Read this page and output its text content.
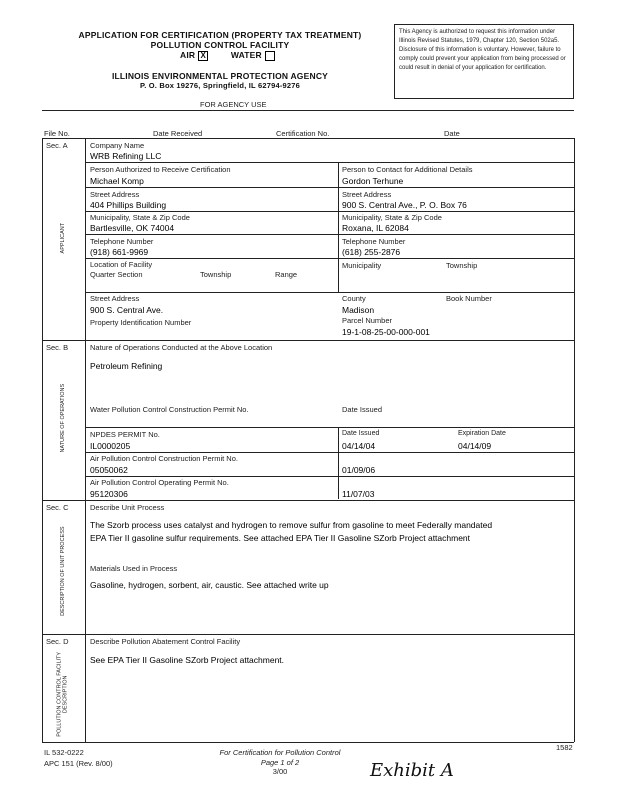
APPLICATION FOR CERTIFICATION (PROPERTY TAX TREATMENT)
POLLUTION CONTROL FACILITY
AIR X	WATER
ILLINOIS ENVIRONMENTAL PROTECTION AGENCY
P. O. Box 19276, Springfield, IL 62794-9276
This Agency is authorized to request this information under Illinois Revised Statutes, 1979, Chapter 120, Section 502a5. Disclosure of this information is voluntary. However, failure to comply could prevent your application from being processed or could result in denial of your application for certification.
FOR AGENCY USE
File No.	Date Received	Certification No.	Date
Sec. A
APPLICANT
Company Name
WRB Refining LLC
Person Authorized to Receive Certification
Michael Komp
Person to Contact for Additional Details
Gordon Terhune
Street Address
404 Phillips Building
Street Address
900 S. Central Ave., P. O. Box 76
Municipality, State & Zip Code
Bartlesville, OK 74004
Municipality, State & Zip Code
Roxana, IL 62084
Telephone Number
(918) 661-9969
Telephone Number
(618) 255-2876
Location of Facility
Quarter Section	Township	Range
Municipality	Township
Street Address
900 S. Central Ave.
Property Identification Number
County
Madison
Book Number
Parcel Number
19-1-08-25-00-000-001
Sec. B
NATURE OF OPERATIONS
Nature of Operations Conducted at the Above Location
Petroleum Refining
Water Pollution Control Construction Permit No.	Date Issued
NPDES PERMIT No.
IL0000205
Date Issued
04/14/04
Expiration Date
04/14/09
Air Pollution Control Construction Permit No.
05050062	01/09/06
Air Pollution Control Operating Permit No.
95120306	11/07/03
Sec. C
DESCRIPTION OF UNIT PROCESS
Describe Unit Process
The Szorb process uses catalyst and hydrogen to remove sulfur from gasoline to meet Federally mandated
EPA Tier II gasoline sulfur requirements. See attached EPA Tier II Gasoline SZorb Project attachment
Materials Used in Process
Gasoline, hydrogen, sorbent, air, caustic. See attached write up
Sec. D
POLLUTION CONTROL FACILITY DESCRIPTION
Describe Pollution Abatement Control Facility
See EPA Tier II Gasoline SZorb Project attachment.
IL 532-0222
APC 151 (Rev. 8/00)
For Certification for Pollution Control
Page 1 of 2
3/00
1582
Exhibit A
